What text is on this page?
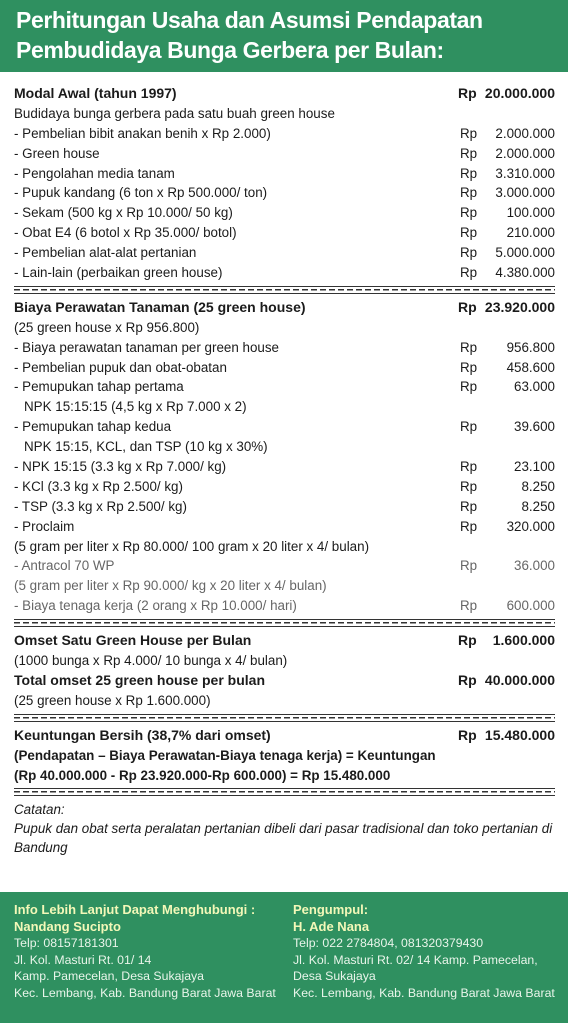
Perhitungan Usaha dan Asumsi Pendapatan
Pembudidaya Bunga Gerbera per Bulan:
Modal Awal (tahun 1997)	Rp 20.000.000
Budidaya bunga gerbera pada satu buah green house
- Pembelian bibit anakan benih x Rp 2.000)	Rp 2.000.000
- Green house	Rp 2.000.000
- Pengolahan media tanam	Rp 3.310.000
- Pupuk kandang (6 ton x Rp 500.000/ ton)	Rp 3.000.000
- Sekam (500 kg x Rp 10.000/ 50 kg)	Rp 100.000
- Obat E4 (6 botol x Rp 35.000/ botol)	Rp 210.000
- Pembelian alat-alat pertanian	Rp 5.000.000
- Lain-lain (perbaikan green house)	Rp 4.380.000
Biaya Perawatan Tanaman (25 green house)	Rp 23.920.000
(25 green house x Rp 956.800)
- Biaya perawatan tanaman per green house	Rp 956.800
- Pembelian pupuk dan obat-obatan	Rp 458.600
- Pemupukan tahap pertama	Rp	63.000
NPK 15:15:15 (4,5 kg x Rp 7.000 x 2)
- Pemupukan tahap kedua	Rp	39.600
NPK 15:15, KCL, dan TSP (10 kg x 30%)
- NPK 15:15 (3.3 kg x Rp 7.000/ kg)	Rp	23.100
- KCl (3.3 kg x Rp 2.500/ kg)	Rp	8.250
- TSP (3.3 kg x Rp 2.500/ kg)	Rp	8.250
- Proclaim	Rp 320.000
(5 gram per liter x Rp 80.000/ 100 gram x 20 liter x 4/ bulan)
- Antracol 70 WP	Rp	36.000
(5 gram per liter x Rp 90.000/ kg x 20 liter x 4/ bulan)
- Biaya tenaga kerja (2 orang x Rp 10.000/ hari)	Rp 600.000
Omset Satu Green House per Bulan	Rp 1.600.000
(1000 bunga x Rp 4.000/ 10 bunga x 4/ bulan)
Total omset 25 green house per bulan	Rp 40.000.000
(25 green house x Rp 1.600.000)
Keuntungan Bersih (38,7% dari omset)	Rp 15.480.000
(Pendapatan – Biaya Perawatan-Biaya tenaga kerja) = Keuntungan
(Rp 40.000.000 - Rp 23.920.000-Rp 600.000) = Rp 15.480.000
Catatan:
Pupuk dan obat serta peralatan pertanian dibeli dari pasar tradisional dan toko pertanian di Bandung
Info Lebih Lanjut Dapat Menghubungi :
Nandang Sucipto
Telp: 08157181301
Jl. Kol. Masturi Rt. 01/ 14
Kamp. Pamecelan, Desa Sukajaya
Kec. Lembang, Kab. Bandung Barat Jawa Barat
Pengumpul:
H. Ade Nana
Telp: 022 2784804, 081320379430
Jl. Kol. Masturi Rt. 02/ 14 Kamp. Pamecelan,
Desa Sukajaya
Kec. Lembang, Kab. Bandung Barat Jawa Barat
